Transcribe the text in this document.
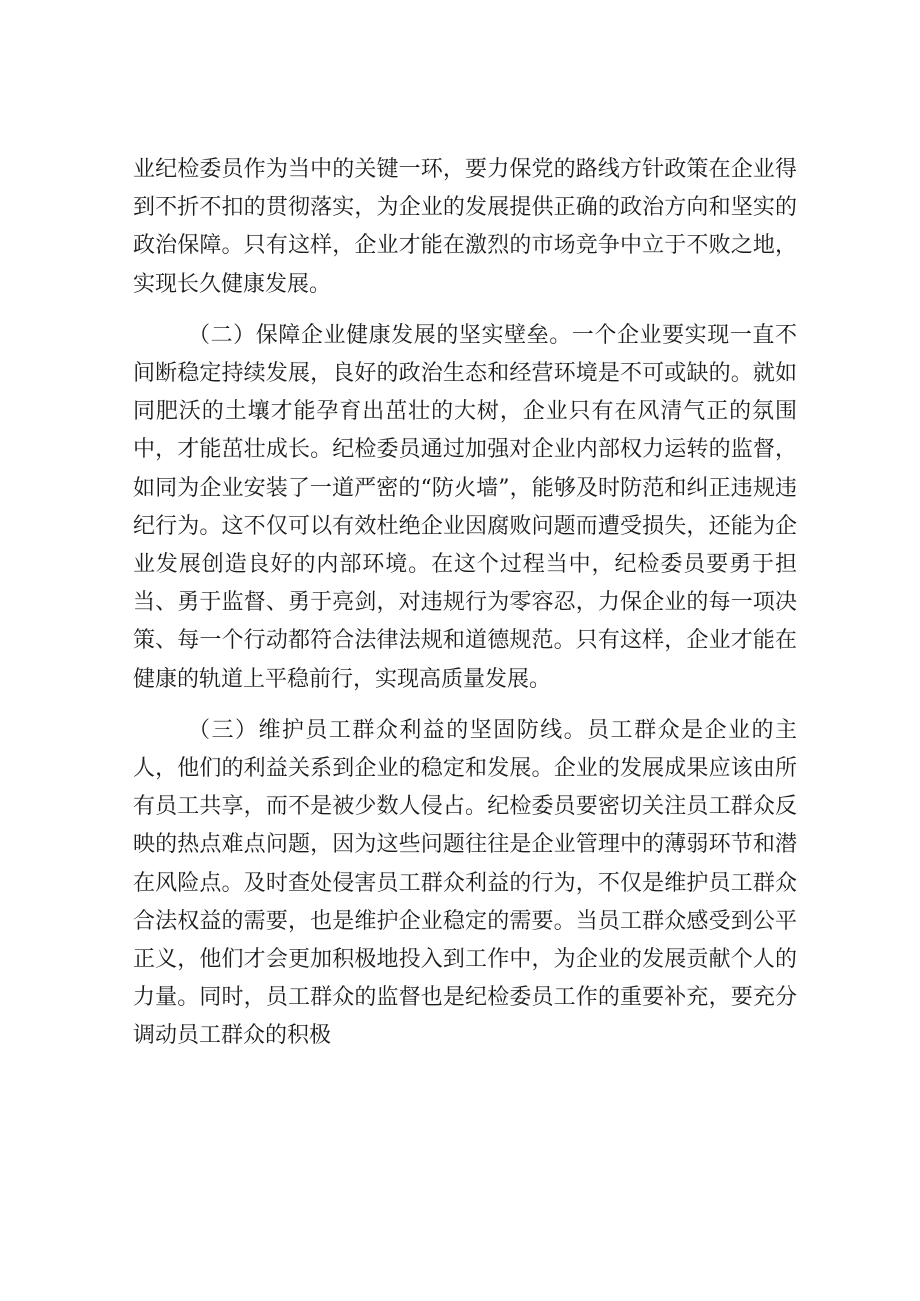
业纪检委员作为当中的关键一环，要力保党的路线方针政策在企业得到不折不扣的贯彻落实，为企业的发展提供正确的政治方向和坚实的政治保障。只有这样，企业才能在激烈的市场竞争中立于不败之地，实现长久健康发展。

（二）保障企业健康发展的坚实壁垒。一个企业要实现一直不间断稳定持续发展，良好的政治生态和经营环境是不可或缺的。就如同肥沃的土壤才能孕育出茁壮的大树，企业只有在风清气正的氛围中，才能茁壮成长。纪检委员通过加强对企业内部权力运转的监督，如同为企业安装了一道严密的“防火墙”，能够及时防范和纠正违规违纪行为。这不仅可以有效杜绝企业因腐败问题而遭受损失，还能为企业发展创造良好的内部环境。在这个过程当中，纪检委员要勇于担当、勇于监督、勇于亮剑，对违规行为零容忍，力保企业的每一项决策、每一个行动都符合法律法规和道德规范。只有这样，企业才能在健康的轨道上平稳前行，实现高质量发展。

（三）维护员工群众利益的坚固防线。员工群众是企业的主人，他们的利益关系到企业的稳定和发展。企业的发展成果应该由所有员工共享，而不是被少数人侵占。纪检委员要密切关注员工群众反映的热点难点问题，因为这些问题往往是企业管理中的薄弱环节和潜在风险点。及时查处侵害员工群众利益的行为，不仅是维护员工群众合法权益的需要，也是维护企业稳定的需要。当员工群众感受到公平正义，他们才会更加积极地投入到工作中，为企业的发展贡献个人的力量。同时，员工群众的监督也是纪检委员工作的重要补充，要充分调动员工群众的积极
